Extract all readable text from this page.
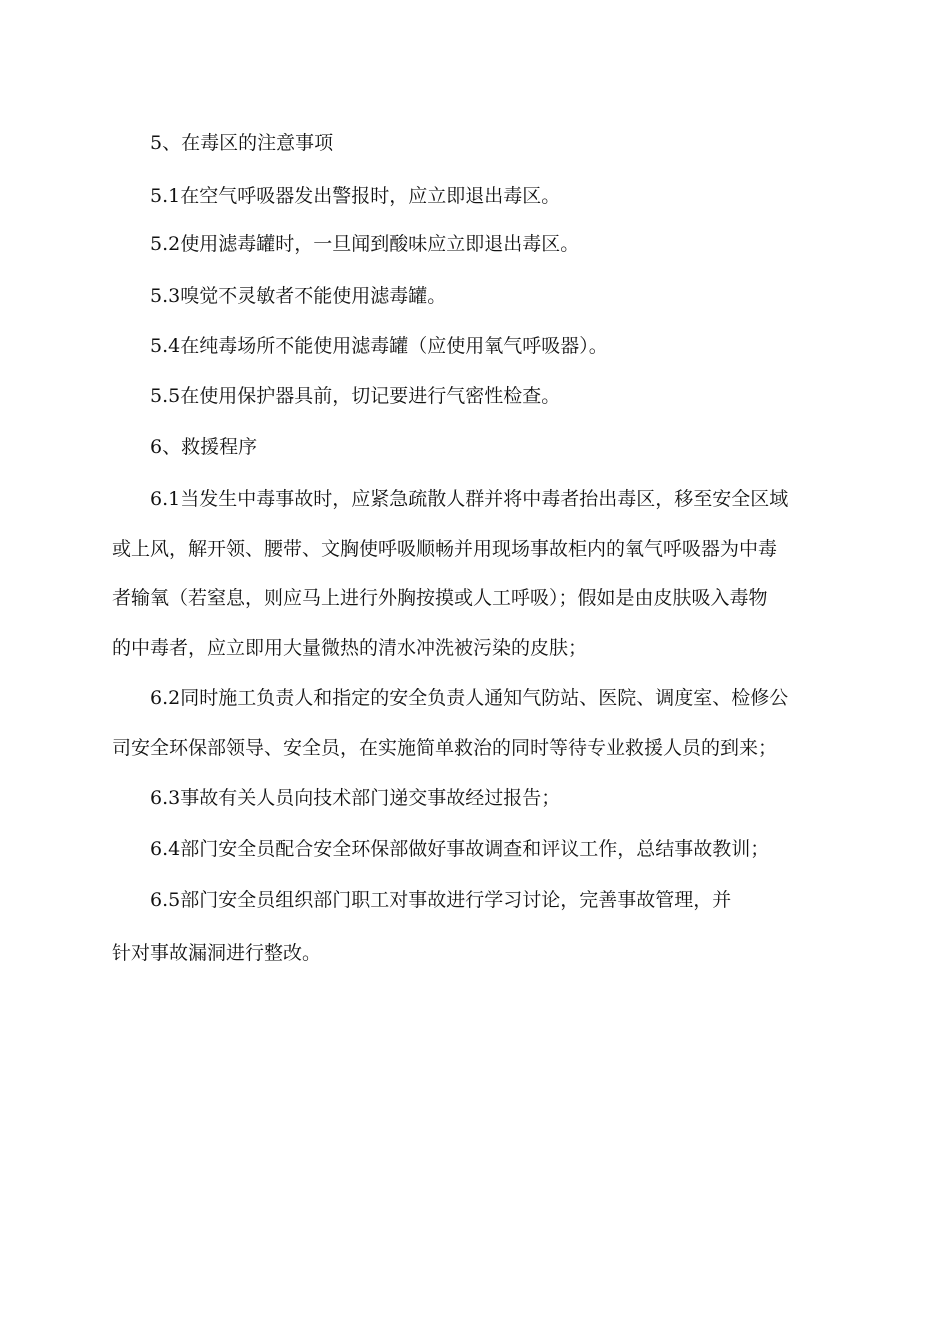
5、在毒区的注意事项
5.1在空气呼吸器发出警报时，应立即退出毒区。
5.2使用滤毒罐时，一旦闻到酸味应立即退出毒区。
5.3嗅觉不灵敏者不能使用滤毒罐。
5.4在纯毒场所不能使用滤毒罐（应使用氧气呼吸器）。
5.5在使用保护器具前，切记要进行气密性检查。
6、救援程序
6.1当发生中毒事故时，应紧急疏散人群并将中毒者抬出毒区，移至安全区域
或上风，解开领、腰带、文胸使呼吸顺畅并用现场事故柜内的氧气呼吸器为中毒
者输氧（若窒息，则应马上进行外胸按摸或人工呼吸）；假如是由皮肤吸入毒物
的中毒者，应立即用大量微热的清水冲洗被污染的皮肤；
6.2同时施工负责人和指定的安全负责人通知气防站、医院、调度室、检修公
司安全环保部领导、安全员，在实施简单救治的同时等待专业救援人员的到来；
6.3事故有关人员向技术部门递交事故经过报告；
6.4部门安全员配合安全环保部做好事故调查和评议工作，总结事故教训；
6.5部门安全员组织部门职工对事故进行学习讨论，完善事故管理，并
针对事故漏洞进行整改。
